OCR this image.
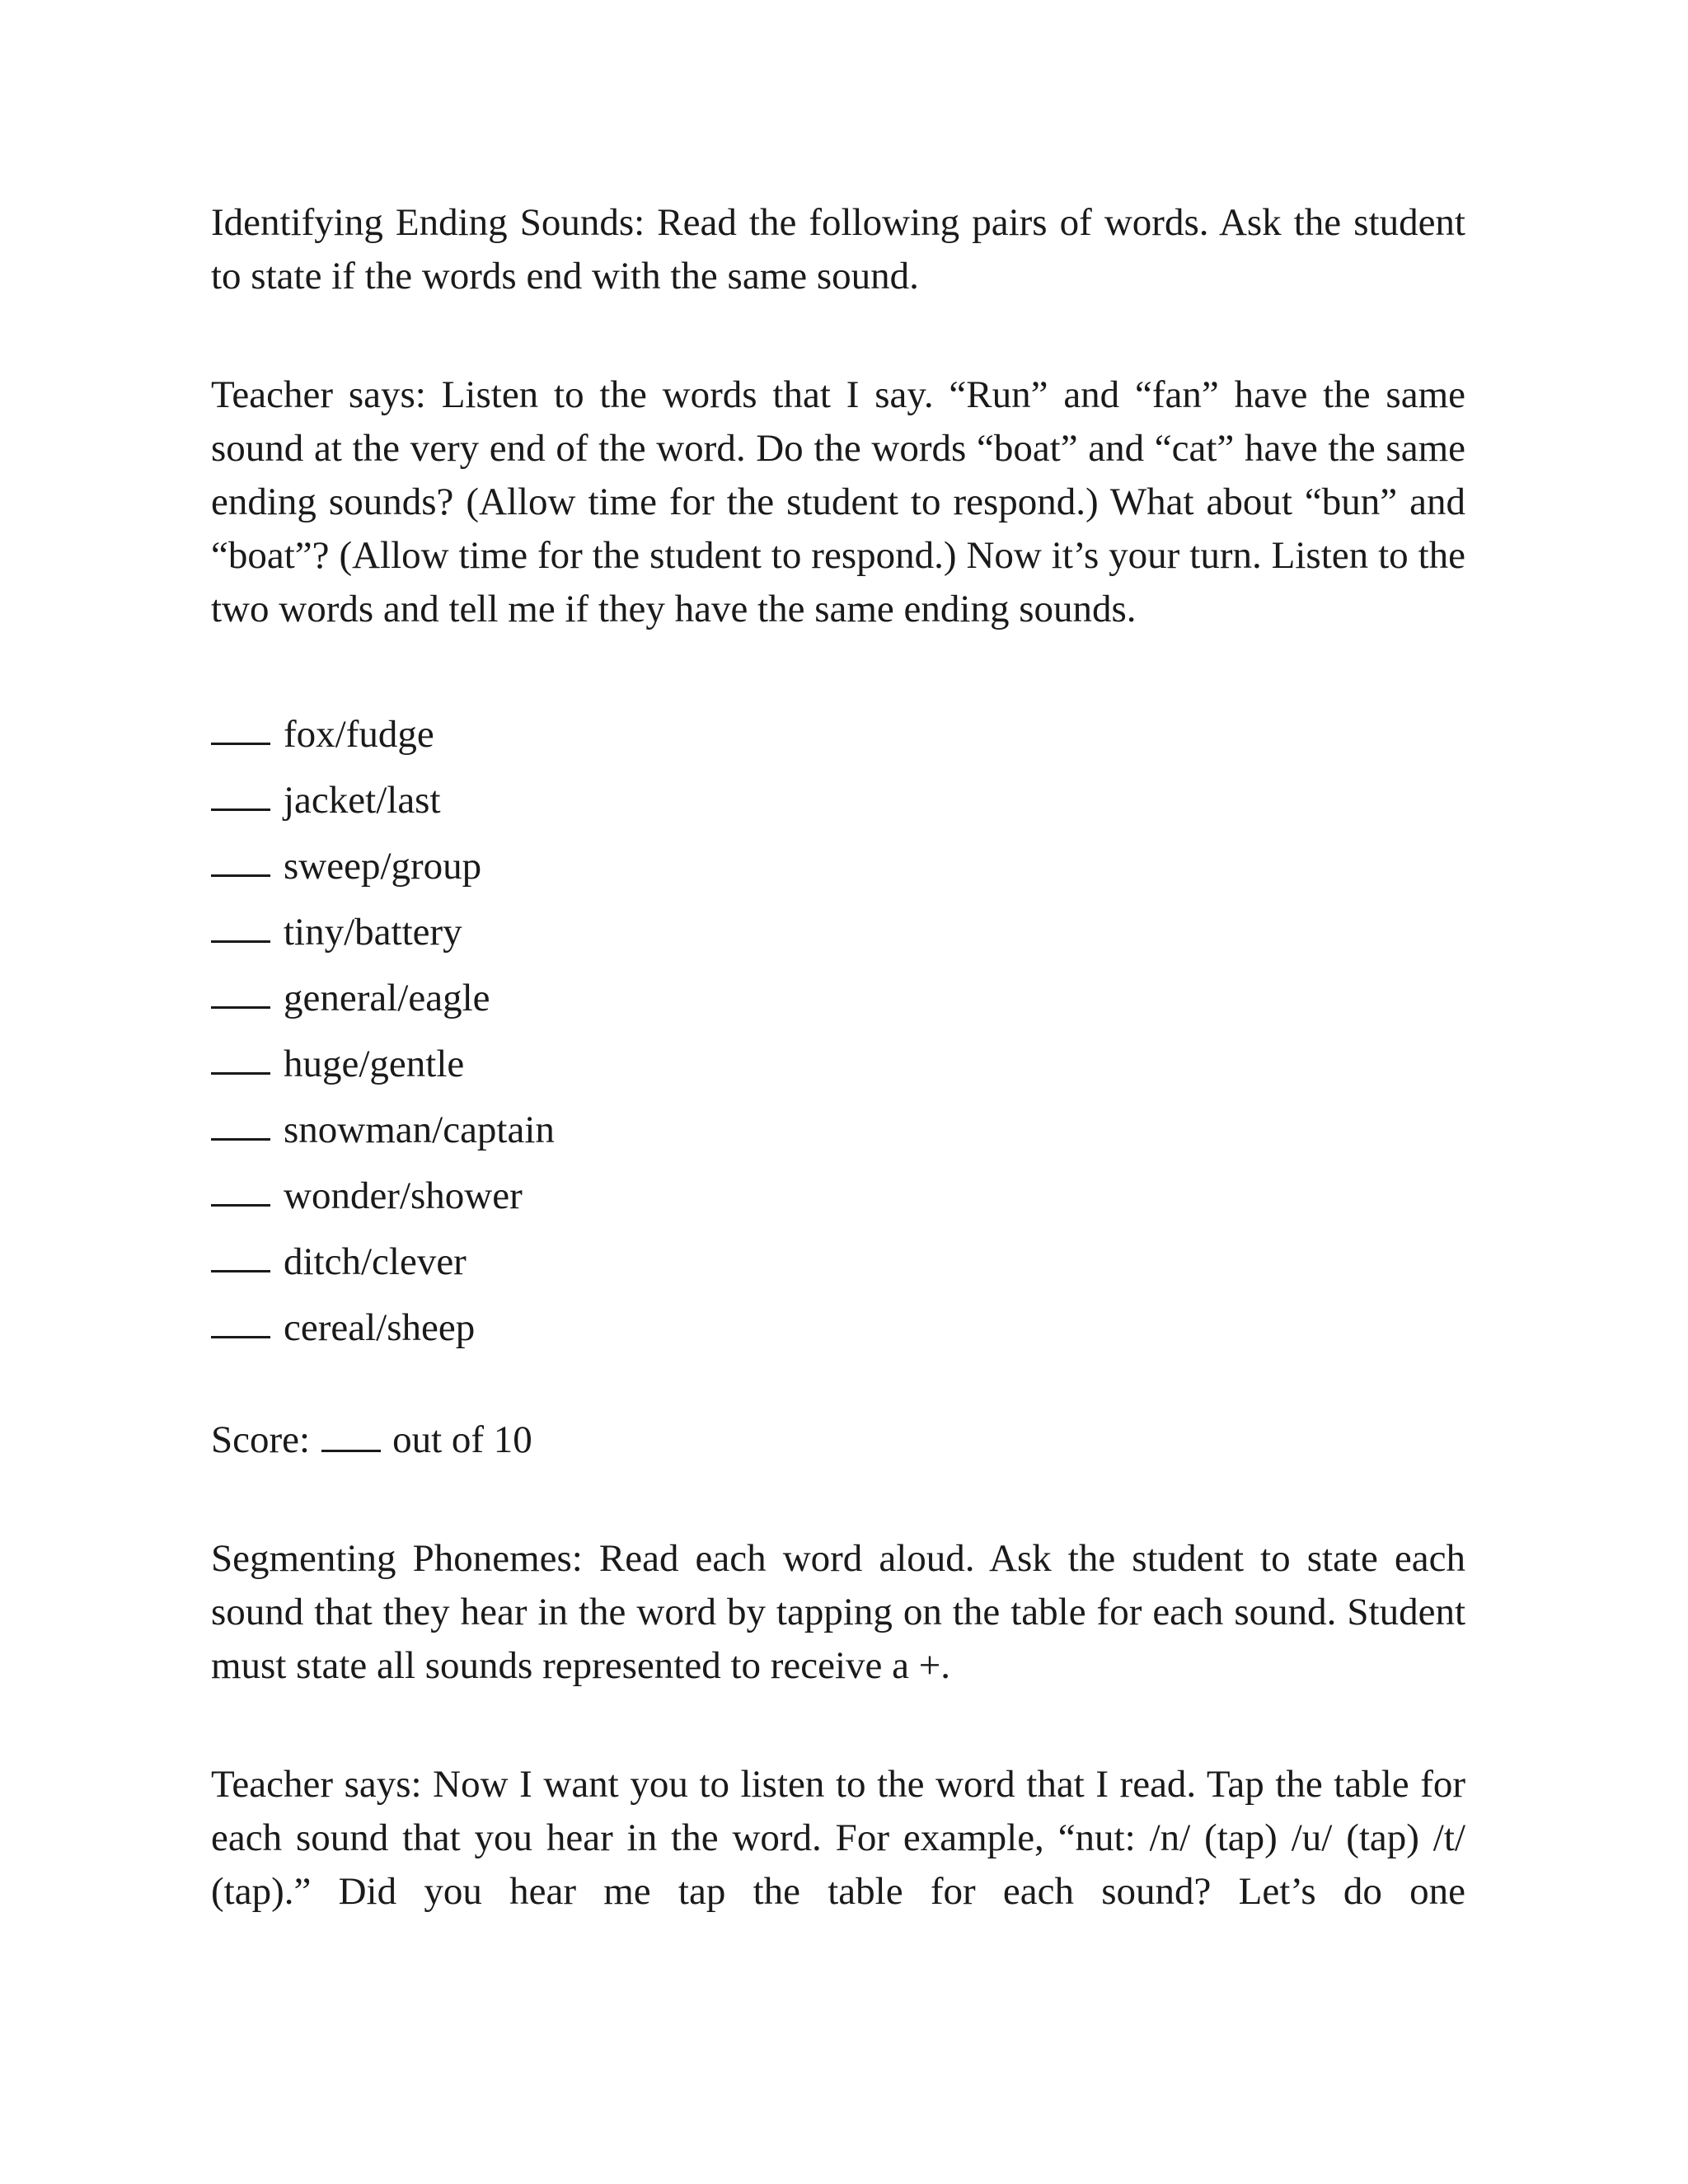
Identifying Ending Sounds: Read the following pairs of words. Ask the student to state if the words end with the same sound.

Teacher says: Listen to the words that I say. “Run” and “fan” have the same sound at the very end of the word. Do the words “boat” and “cat” have the same ending sounds? (Allow time for the student to respond.) What about “bun” and “boat”? (Allow time for the student to respond.) Now it’s your turn. Listen to the two words and tell me if they have the same ending sounds.

fox/fudge
jacket/last
sweep/group
tiny/battery
general/eagle
huge/gentle
snowman/captain
wonder/shower
ditch/clever
cereal/sheep

Score: out of 10

Segmenting Phonemes: Read each word aloud. Ask the student to state each sound that they hear in the word by tapping on the table for each sound. Student must state all sounds represented to receive a +.

Teacher says: Now I want you to listen to the word that I read. Tap the table for each sound that you hear in the word. For example, “nut: /n/ (tap) /u/ (tap) /t/ (tap).” Did you hear me tap the table for each sound? Let’s do one
